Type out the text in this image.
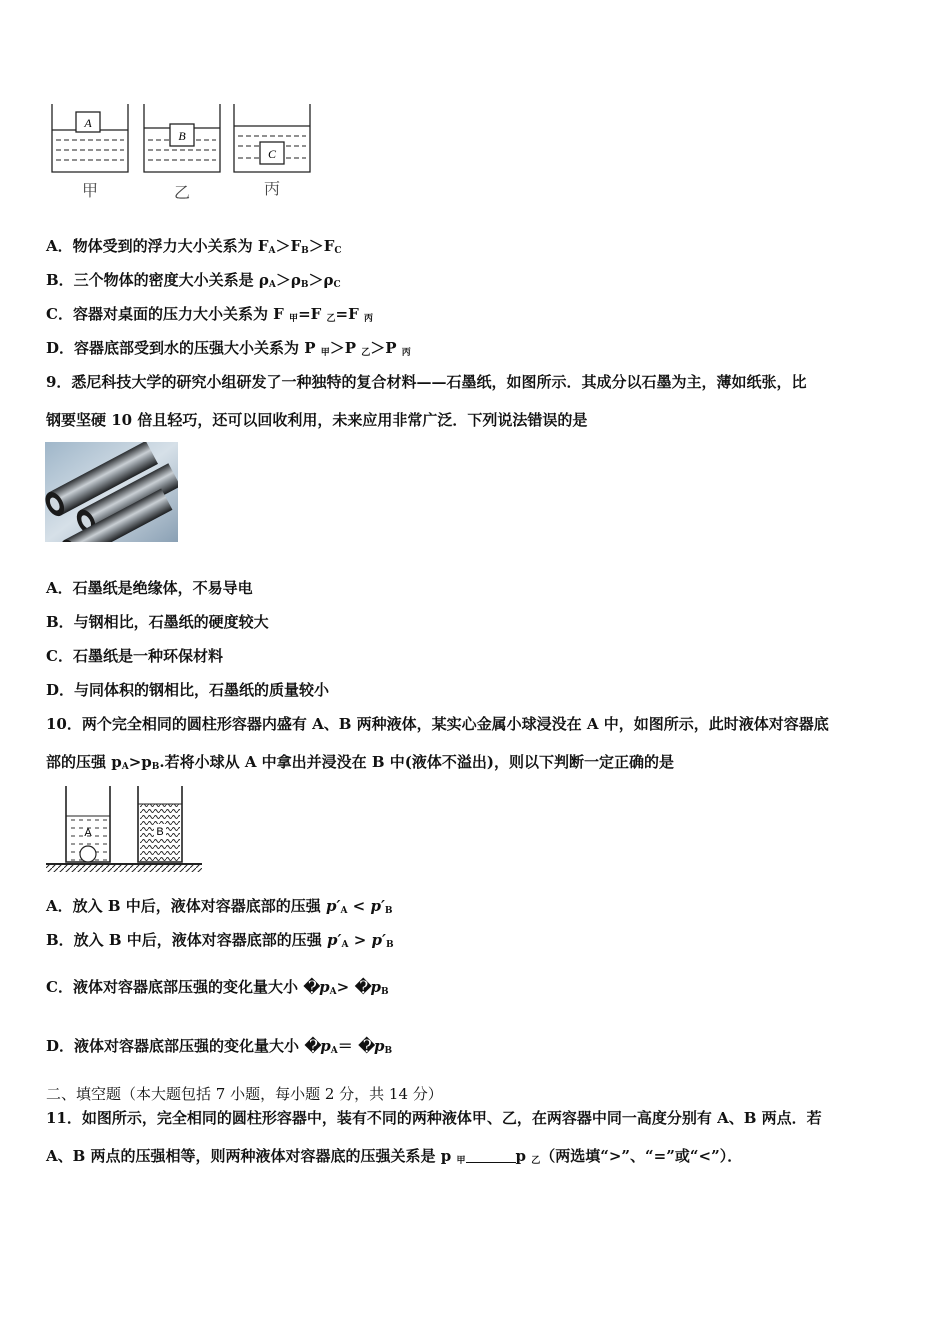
A
B
C
甲	乙	丙
A．物体受到的浮力大小关系为 $F_A>F_B>F_C$
B．三个物体的密度大小关系是 $\rho_A>\rho_B>\rho_C$
C．容器对桌面的压力大小关系为 F $_甲$=F $_乙$=F $_丙$
D．容器底部受到水的压强大小关系为 P $_甲$＞P $_乙$＞P $_丙$
9．悉尼科技大学的研究小组研发了一种独特的复合材料——石墨纸，如图所示．其成分以石墨为主，薄如纸张，比
钢要坚硬 10 倍且轻巧，还可以回收利用，未来应用非常广泛．下列说法错误的是
A．石墨纸是绝缘体，不易导电
B．与钢相比，石墨纸的硬度较大
C．石墨纸是一种环保材料
D．与同体积的钢相比，石墨纸的质量较小
10．两个完全相同的圆柱形容器内盛有 A、B 两种液体，某实心金属小球浸没在 A 中，如图所示，此时液体对容器底
部的压强 $p_A>p_B$.若将小球从 A 中拿出并浸没在 B 中(液体不溢出)，则以下判断一定正确的是
A	B
A．放入 B 中后，液体对容器底部的压强 $p'_A < p'_B$
B．放入 B 中后，液体对容器底部的压强 $p'_A > p'_B$
C．液体对容器底部压强的变化量大小 �
$p_A>$ �
$p_B$
D．液体对容器底部压强的变化量大小 �
$p_A=$ �
$p_B$
二、填空题（本大题包括 7 小题，每小题 2 分，共 14 分）
11．如图所示，完全相同的圆柱形容器中，装有不同的两种液体甲、乙，在两容器中同一高度分别有 A、B 两点．若
A、B 两点的压强相等，则两种液体对容器底的压强关系是 p $_甲$	p $_乙$（两选填“>”、“=”或“<”）．
